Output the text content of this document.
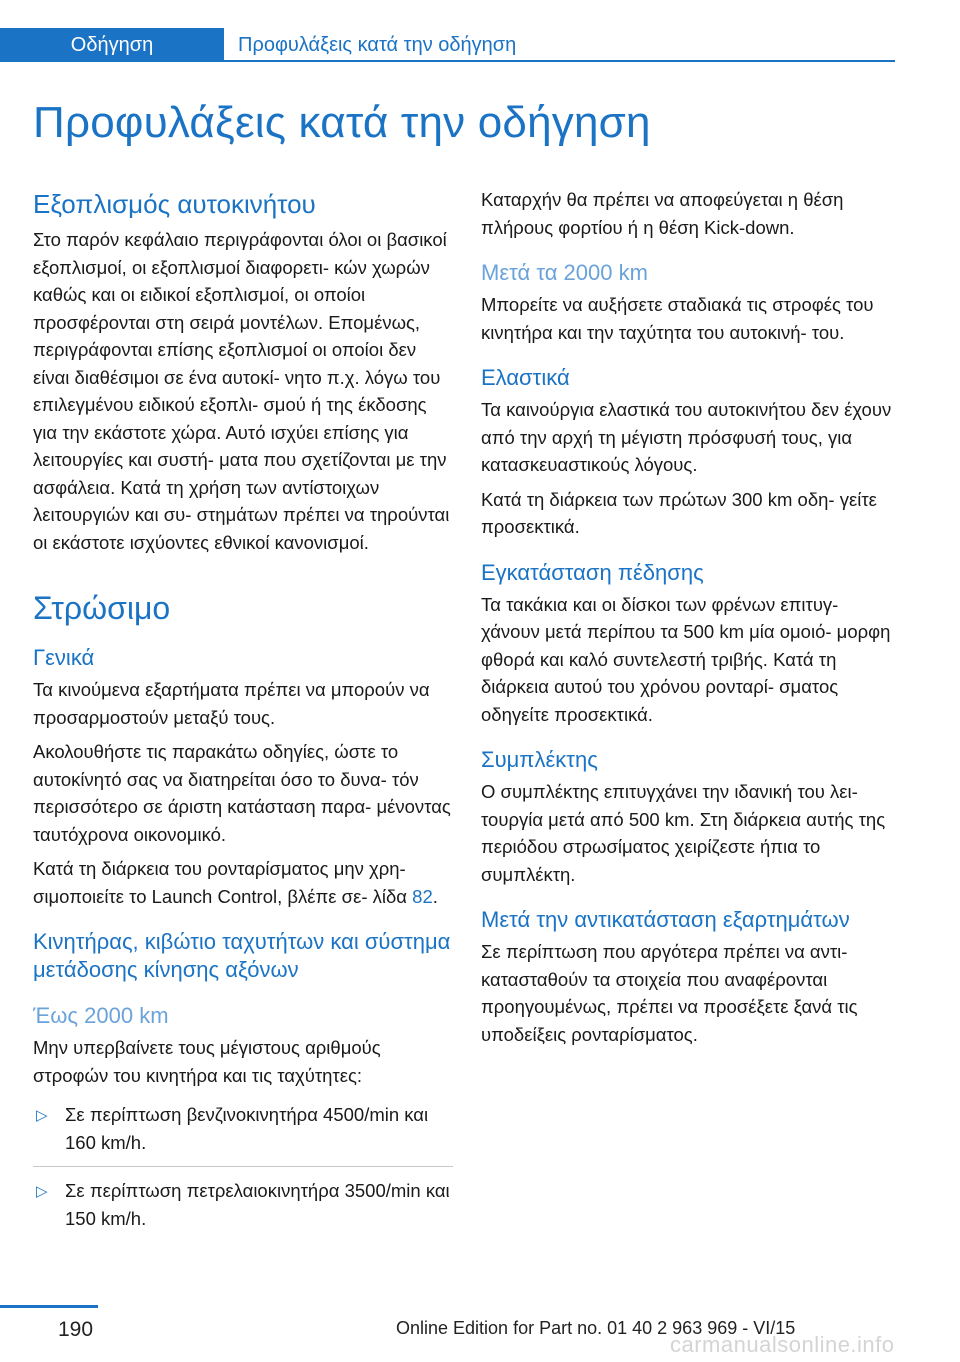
Οδήγηση	Προφυλάξεις κατά την οδήγηση
Προφυλάξεις κατά την οδήγηση
Εξοπλισμός αυτοκινήτου

Στο παρόν κεφάλαιο περιγράφονται όλοι οι βασικοί εξοπλισμοί, οι εξοπλισμοί διαφορετι‐ κών χωρών καθώς και οι ειδικοί εξοπλισμοί, οι οποίοι προσφέρονται στη σειρά μοντέλων. Επομένως, περιγράφονται επίσης εξοπλισμοί οι οποίοι δεν είναι διαθέσιμοι σε ένα αυτοκί‐ νητο π.χ. λόγω του επιλεγμένου ειδικού εξοπλι‐ σμού ή της έκδοσης για την εκάστοτε χώρα. Αυτό ισχύει επίσης για λειτουργίες και συστή‐ ματα που σχετίζονται με την ασφάλεια. Κατά τη χρήση των αντίστοιχων λειτουργιών και συ‐ στημάτων πρέπει να τηρούνται οι εκάστοτε ισχύοντες εθνικοί κανονισμοί.

Στρώσιμο
Γενικά

Τα κινούμενα εξαρτήματα πρέπει να μπορούν να προσαρμοστούν μεταξύ τους.

Ακολουθήστε τις παρακάτω οδηγίες, ώστε το αυτοκίνητό σας να διατηρείται όσο το δυνα‐ τόν περισσότερο σε άριστη κατάσταση παρα‐ μένοντας ταυτόχρονα οικονομικό.

Κατά τη διάρκεια του ρονταρίσματος μην χρη‐ σιμοποιείτε το Launch Control, βλέπε σε‐ λίδα 82.

Κινητήρας, κιβώτιο ταχυτήτων και σύστημα μετάδοσης κίνησης αξόνων
Έως 2000 km

Μην υπερβαίνετε τους μέγιστους αριθμούς στροφών του κινητήρα και τις ταχύτητες:

▷ Σε περίπτωση βενζινοκινητήρα 4500/min και 160 km/h.
▷ Σε περίπτωση πετρελαιοκινητήρα 3500/min και 150 km/h.

Καταρχήν θα πρέπει να αποφεύγεται η θέση πλήρους φορτίου ή η θέση Kick-down.

Μετά τα 2000 km

Μπορείτε να αυξήσετε σταδιακά τις στροφές του κινητήρα και την ταχύτητα του αυτοκινή‐ του.

Ελαστικά

Τα καινούργια ελαστικά του αυτοκινήτου δεν έχουν από την αρχή τη μέγιστη πρόσφυσή τους, για κατασκευαστικούς λόγους.

Κατά τη διάρκεια των πρώτων 300 km οδη‐ γείτε προσεκτικά.

Εγκατάσταση πέδησης

Τα τακάκια και οι δίσκοι των φρένων επιτυγ‐ χάνουν μετά περίπου τα 500 km μία ομοιό‐ μορφη φθορά και καλό συντελεστή τριβής. Κατά τη διάρκεια αυτού του χρόνου ρονταρί‐ σματος οδηγείτε προσεκτικά.

Συμπλέκτης

Ο συμπλέκτης επιτυγχάνει την ιδανική του λει‐ τουργία μετά από 500 km. Στη διάρκεια αυτής της περιόδου στρωσίματος χειρίζεστε ήπια το συμπλέκτη.

Μετά την αντικατάσταση εξαρτημάτων

Σε περίπτωση που αργότερα πρέπει να αντι‐ κατασταθούν τα στοιχεία που αναφέρονται προηγουμένως, πρέπει να προσέξετε ξανά τις υποδείξεις ρονταρίσματος.

190	Online Edition for Part no. 01 40 2 963 969 - VI/15
carmanualsonline.info
